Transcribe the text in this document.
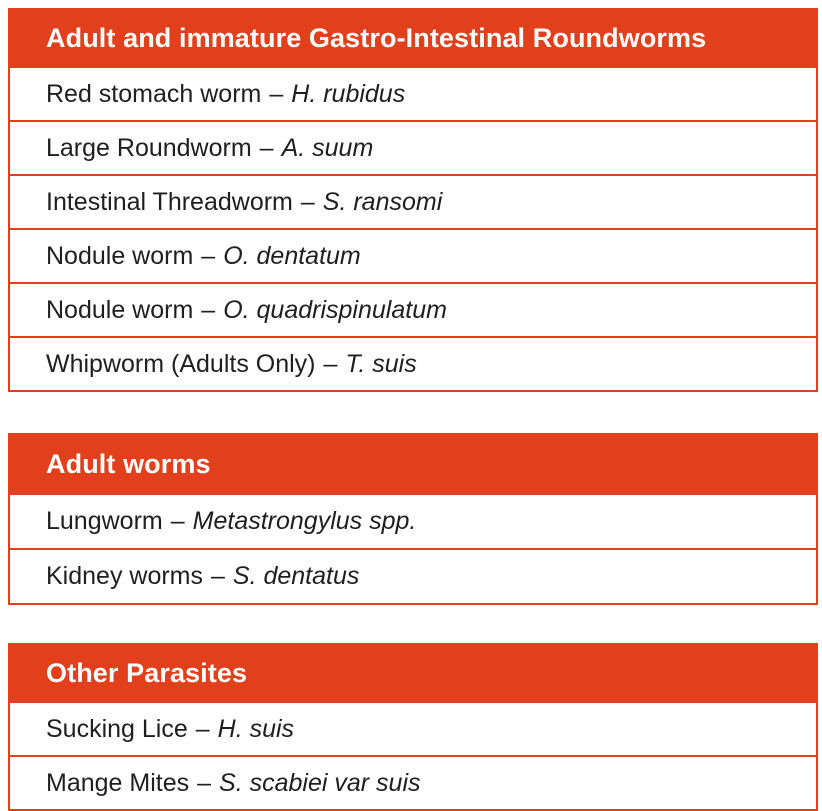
Adult and immature Gastro-Intestinal Roundworms
Red stomach worm – H. rubidus
Large Roundworm – A. suum
Intestinal Threadworm – S. ransomi
Nodule worm – O. dentatum
Nodule worm – O. quadrispinulatum
Whipworm (Adults Only) – T. suis
Adult worms
Lungworm – Metastrongylus spp.
Kidney worms – S. dentatus
Other Parasites
Sucking Lice – H. suis
Mange Mites – S. scabiei var suis
